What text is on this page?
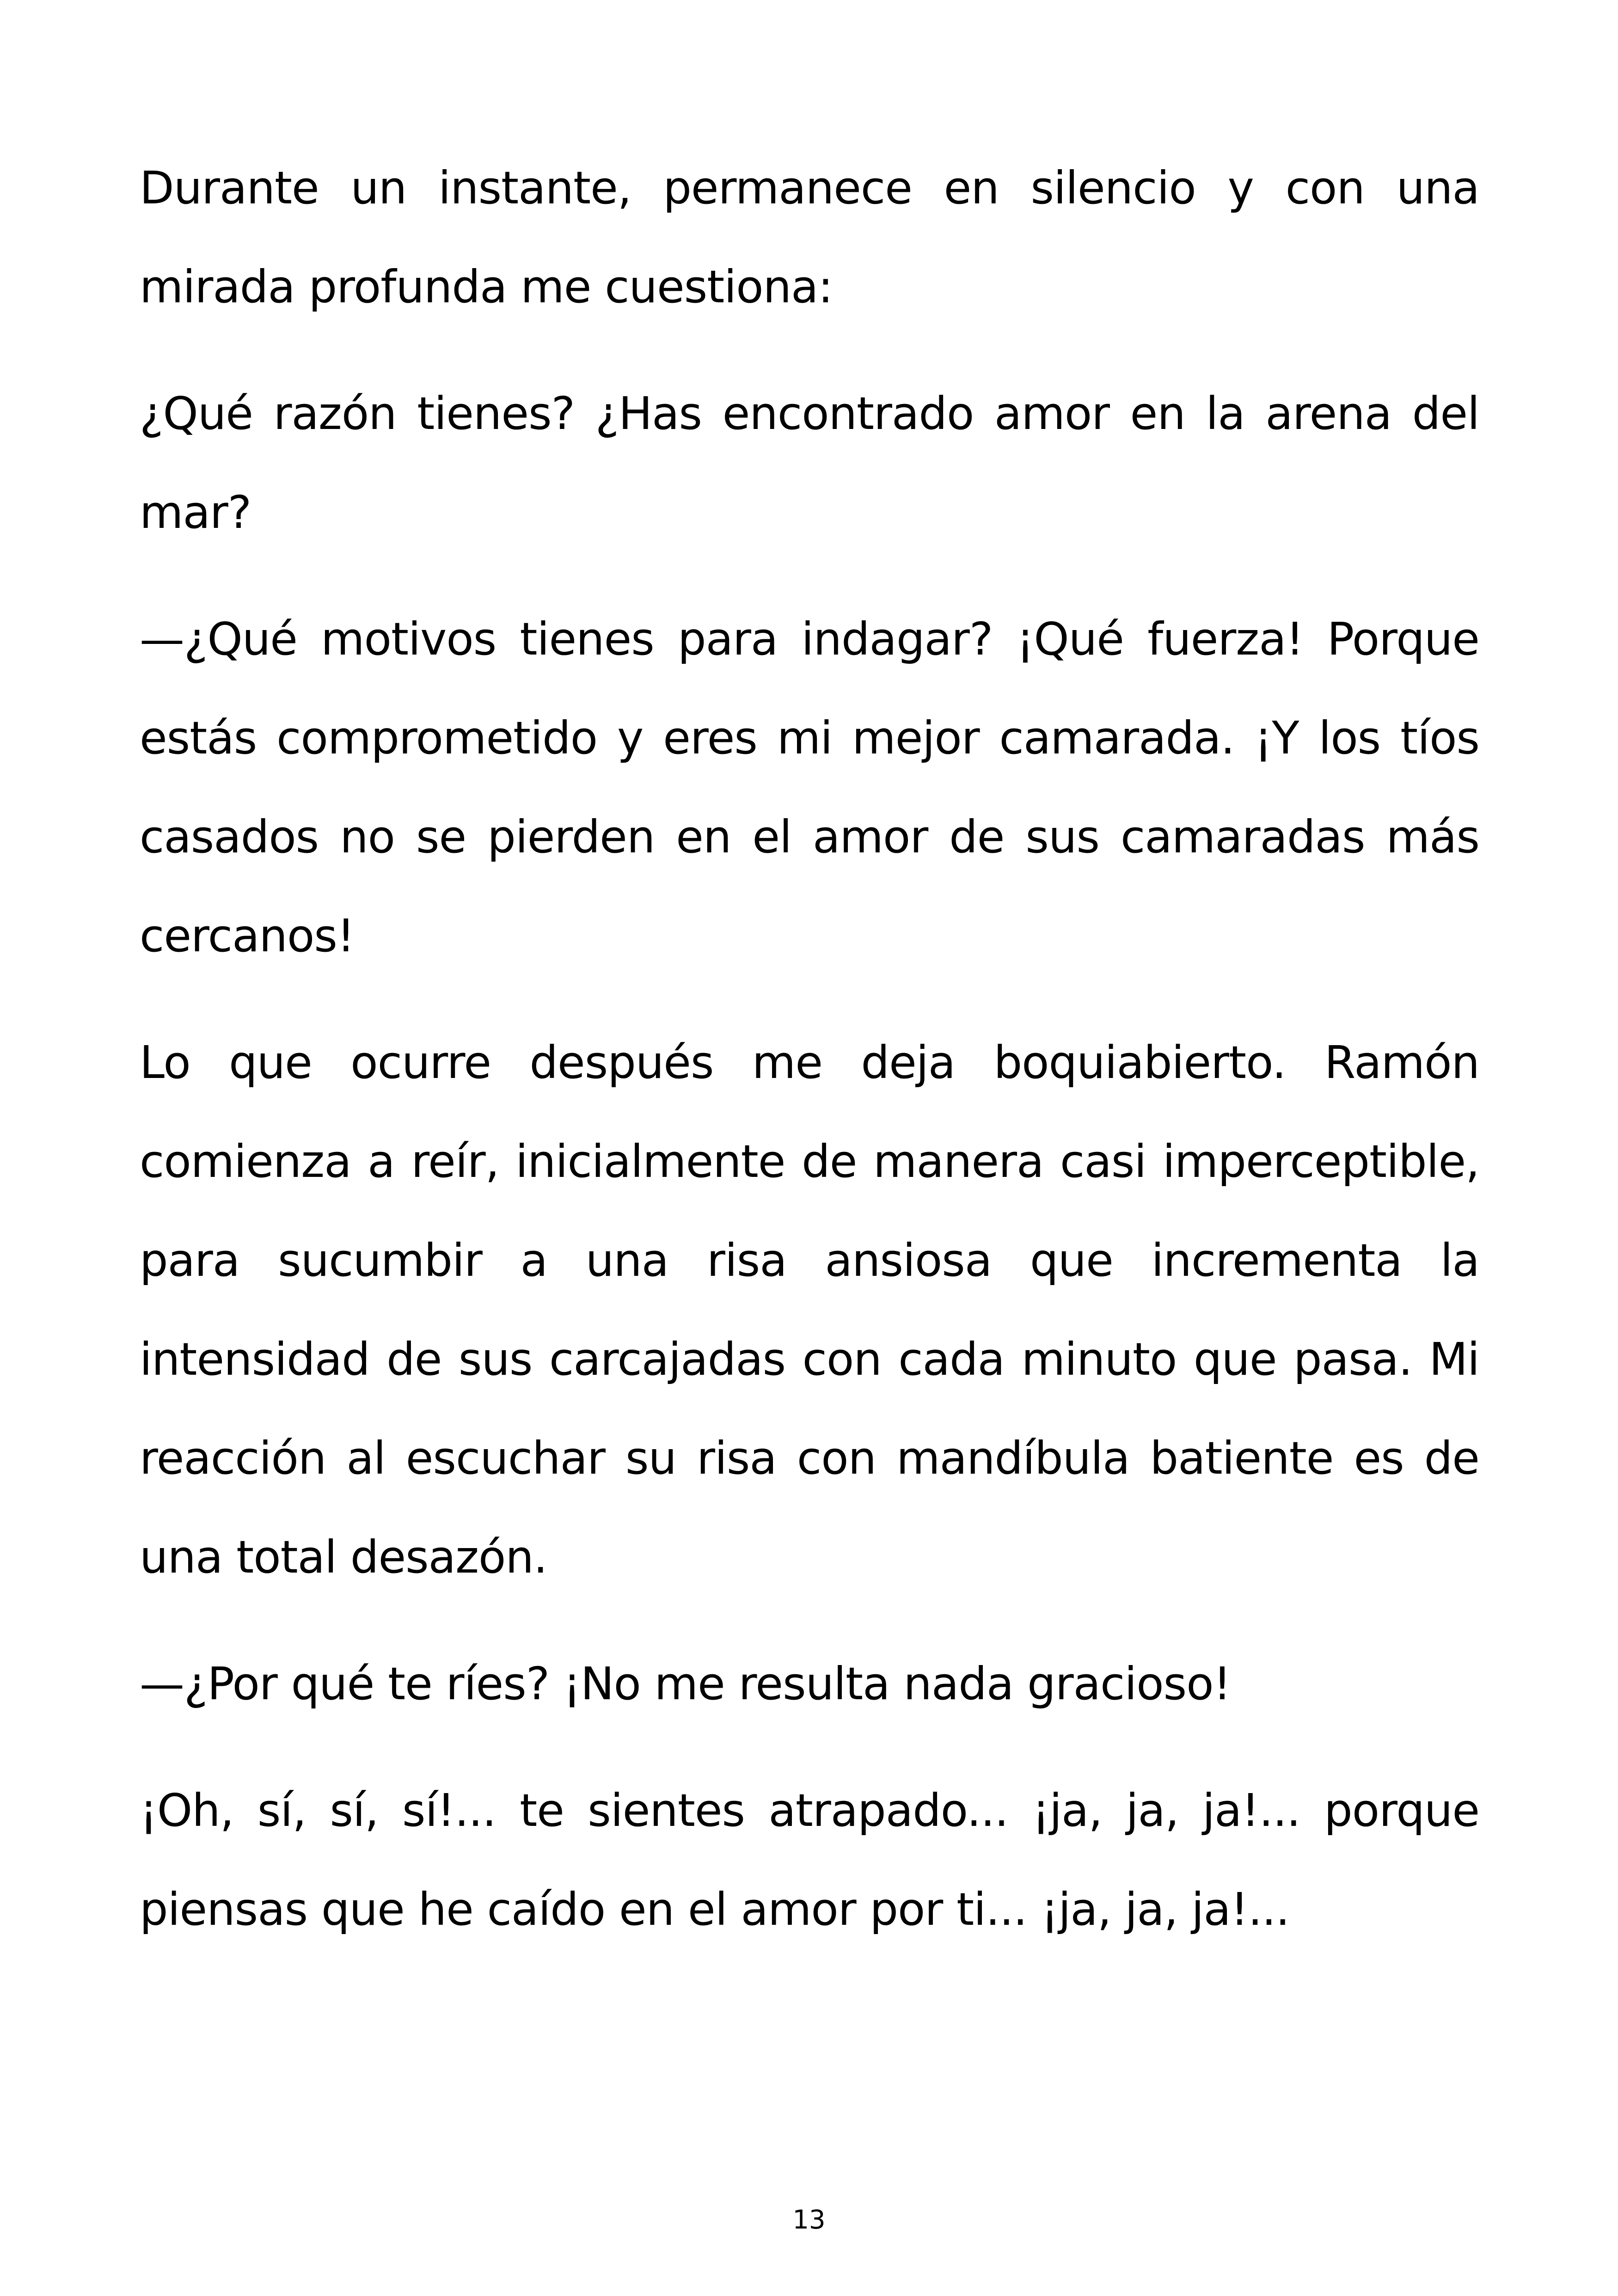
Durante un instante, permanece en silencio y con una mirada profunda me cuestiona:

¿Qué razón tienes? ¿Has encontrado amor en la arena del mar?

—¿Qué motivos tienes para indagar? ¡Qué fuerza! Porque estás comprometido y eres mi mejor camarada. ¡Y los tíos casados no se pierden en el amor de sus camaradas más cercanos!

Lo que ocurre después me deja boquiabierto. Ramón comienza a reír, inicialmente de manera casi imperceptible, para sucumbir a una risa ansiosa que incrementa la intensidad de sus carcajadas con cada minuto que pasa. Mi reacción al escuchar su risa con mandíbula batiente es de una total desazón.

—¿Por qué te ríes? ¡No me resulta nada gracioso!

¡Oh, sí, sí, sí!... te sientes atrapado... ¡ja, ja, ja!... porque piensas que he caído en el amor por ti... ¡ja, ja, ja!...

13
